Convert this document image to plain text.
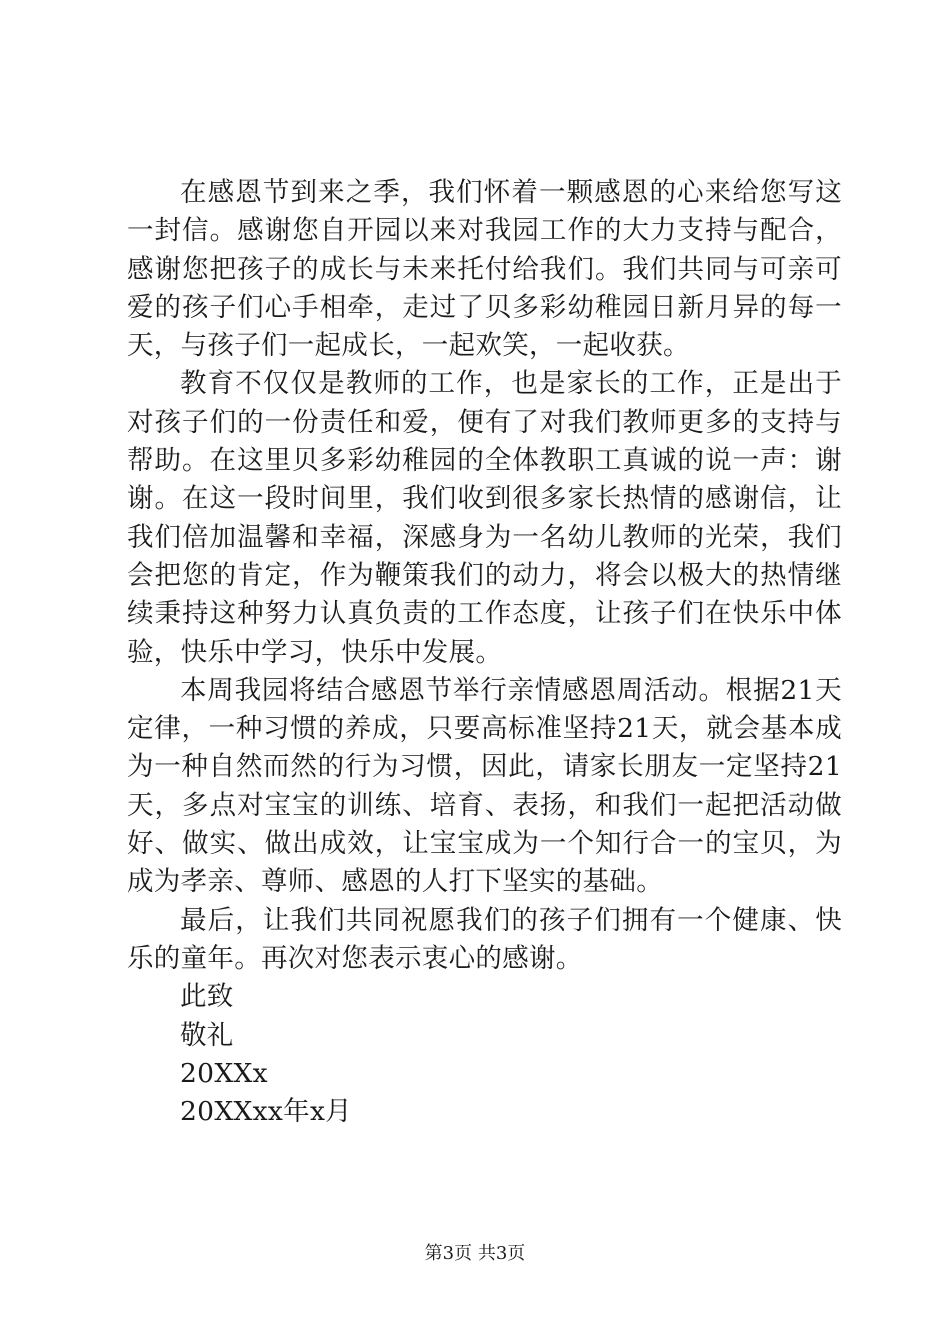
在感恩节到来之季，我们怀着一颗感恩的心来给您写这一封信。感谢您自开园以来对我园工作的大力支持与配合，感谢您把孩子的成长与未来托付给我们。我们共同与可亲可爱的孩子们心手相牵，走过了贝多彩幼稚园日新月异的每一天，与孩子们一起成长，一起欢笑，一起收获。

教育不仅仅是教师的工作，也是家长的工作，正是出于对孩子们的一份责任和爱，便有了对我们教师更多的支持与帮助。在这里贝多彩幼稚园的全体教职工真诚的说一声：谢谢。在这一段时间里，我们收到很多家长热情的感谢信，让我们倍加温馨和幸福，深感身为一名幼儿教师的光荣，我们会把您的肯定，作为鞭策我们的动力，将会以极大的热情继续秉持这种努力认真负责的工作态度，让孩子们在快乐中体验，快乐中学习，快乐中发展。

本周我园将结合感恩节举行亲情感恩周活动。根据21天定律，一种习惯的养成，只要高标准坚持21天，就会基本成为一种自然而然的行为习惯，因此，请家长朋友一定坚持21天，多点对宝宝的训练、培育、表扬，和我们一起把活动做好、做实、做出成效，让宝宝成为一个知行合一的宝贝，为成为孝亲、尊师、感恩的人打下坚实的基础。

最后，让我们共同祝愿我们的孩子们拥有一个健康、快乐的童年。再次对您表示衷心的感谢。

此致
敬礼
20XXx
20XXxx年x月
第3页 共3页
